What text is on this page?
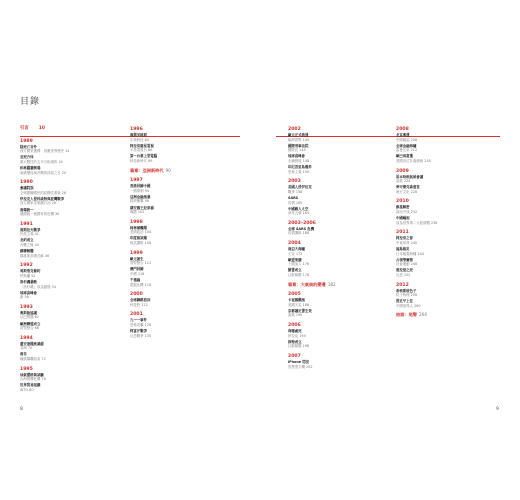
目錄
引言 10
1989
除死亡谷外
西方國家選擇：因應世界歷史 14
至死方休
黨大數性的五年分析調的 16
柏林圍牆倒塌
東歐變局與冷戰的終結之日 20
1990
參議院誤
全球霸權國民的結構性重新 26
伊拉克入侵科威特與波灣戰爭
西方國家美策劃石油 28
南韓統一
德國統一後國家的危機 30
1991
南斯拉夫戰爭
民族主義 41
北約成立
冷戰之後 44
蘇聯解體
蘇維埃帝國瓦解 46
1992
馬斯垂克條約
伊斯蘭 52
洛杉磯暴動
「洛杉磯」成為動態 54
地球高峰會
新 58
1993
奧斯陸協議
以巴問題 62
歐洲聯盟成立
貨幣整合 66
1994
盧安達種族滅絕
非洲 70
南非
種族隔離結束 72
1995
油氣價格與試驗
台海飛彈危機 76
世界貿易組織
WTO 80
1996
複製羊桃莉
生物科技 84
阿拉伯衛星電視
半島電視台 86
第一台掌上型電腦
科技新時代 89
篇章：亞洲新時代 90
1997
香港回歸中國
一國兩制 94
亞洲金融風暴
經濟衝擊 98
黛安娜王妃車禍
媒體 102
1998
柯林頓醜聞
美國政治 104
印度核試爆
核武擴散 108
1999
歐元誕生
貨幣整合 112
澳門回歸
中國 116
千禧蟲
電腦危機 118
2000
全球網路泡沫
科技股 122
2001
九一一事件
恐怖攻擊 126
阿富汗戰爭
反恐戰爭 130
2002
歐元正式流通
歐洲貨幣 140
國際刑事法院
國際法 144
地球高峰會
永續發展 148
印尼峇里島爆炸
恐怖主義 150
2003
美國入侵伊拉克
戰爭 158
SARS
疫情 160
中國載人太空
神舟五號 164
2003–2006
全球 SARS 危機
疫情擴散 168
2004
南亞大海嘯
天災 172
歐盟東擴
十國加入 176
臉書成立
社群媒體 178
篇章：大氣候的變遷 182
2005
卡崔娜颶風
美國天災 186
京都議定書生效
氣候 190
2006
海珊處死
伊拉克 194
推特成立
社群媒體 198
2007
iPhone 問世
智慧型手機 202
2008
北京奧運
中國崛起 208
全球金融海嘯
雷曼兄弟 212
歐巴馬當選
美國首位非裔總統 218
2009
哥本哈根氣候會議
氣候 224
麥可傑克森逝世
流行文化 228
2010
維基解密
資訊外洩 232
中國崛起
成為世界第二大經濟體 236
2011
阿拉伯之春
中東革命 240
福島核災
日本地震海嘯 244
占領華爾街
社會運動 248
賓拉登之死
反恐 252
2012
希格斯玻色子
粒子物理 256
習近平上任
中國領導人 260
結語：尾聲 264
8	9
